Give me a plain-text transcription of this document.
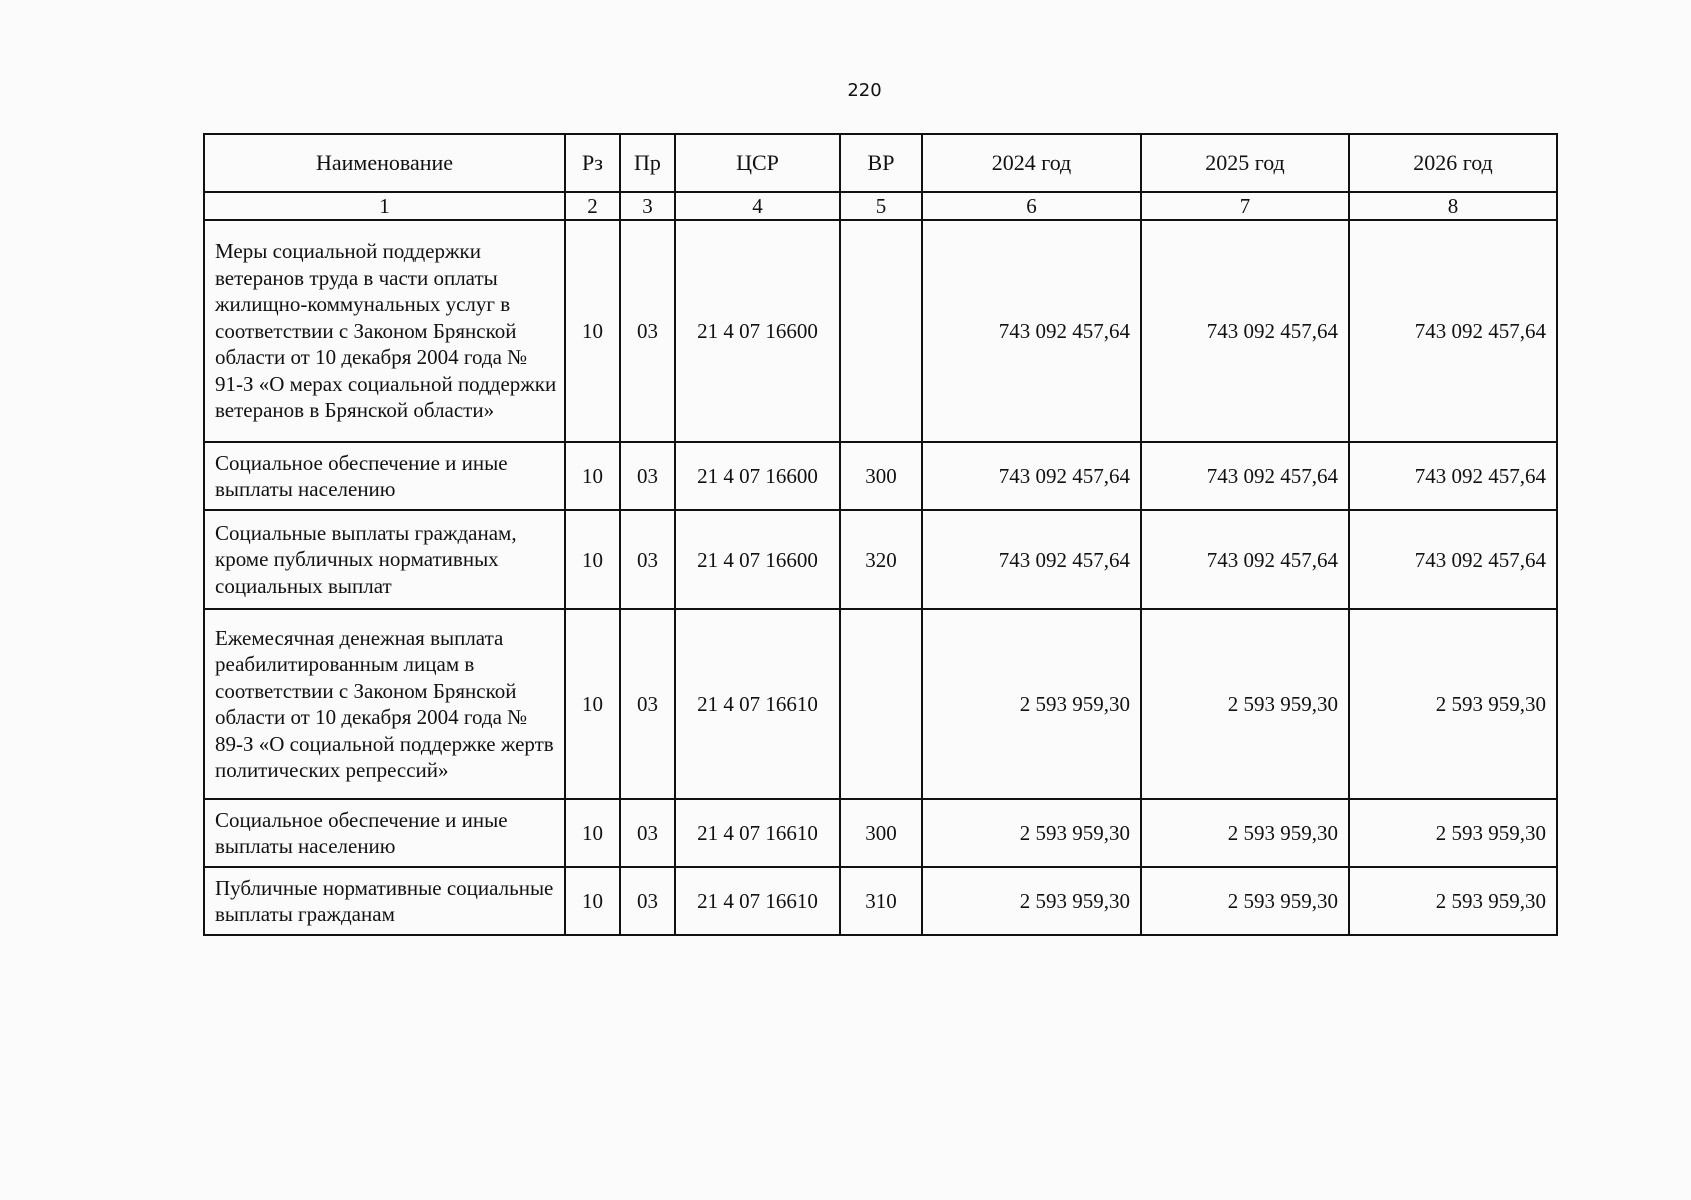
220
Наименование	Рз	Пр	ЦСР	ВР	2024 год	2025 год	2026 год
1	2	3	4	5	6	7	8
Меры социальной поддержки ветеранов труда в части оплаты жилищно-коммунальных услуг в соответствии с Законом Брянской области от 10 декабря 2004 года № 91-З «О мерах социальной поддержки ветеранов в Брянской области»	10	03	21 4 07 16600		743 092 457,64	743 092 457,64	743 092 457,64
Социальное обеспечение и иные выплаты населению	10	03	21 4 07 16600	300	743 092 457,64	743 092 457,64	743 092 457,64
Социальные выплаты гражданам, кроме публичных нормативных социальных выплат	10	03	21 4 07 16600	320	743 092 457,64	743 092 457,64	743 092 457,64
Ежемесячная денежная выплата реабилитированным лицам в соответствии с Законом Брянской области от 10 декабря 2004 года № 89-З «О социальной поддержке жертв политических репрессий»	10	03	21 4 07 16610		2 593 959,30	2 593 959,30	2 593 959,30
Социальное обеспечение и иные выплаты населению	10	03	21 4 07 16610	300	2 593 959,30	2 593 959,30	2 593 959,30
Публичные нормативные социальные выплаты гражданам	10	03	21 4 07 16610	310	2 593 959,30	2 593 959,30	2 593 959,30
